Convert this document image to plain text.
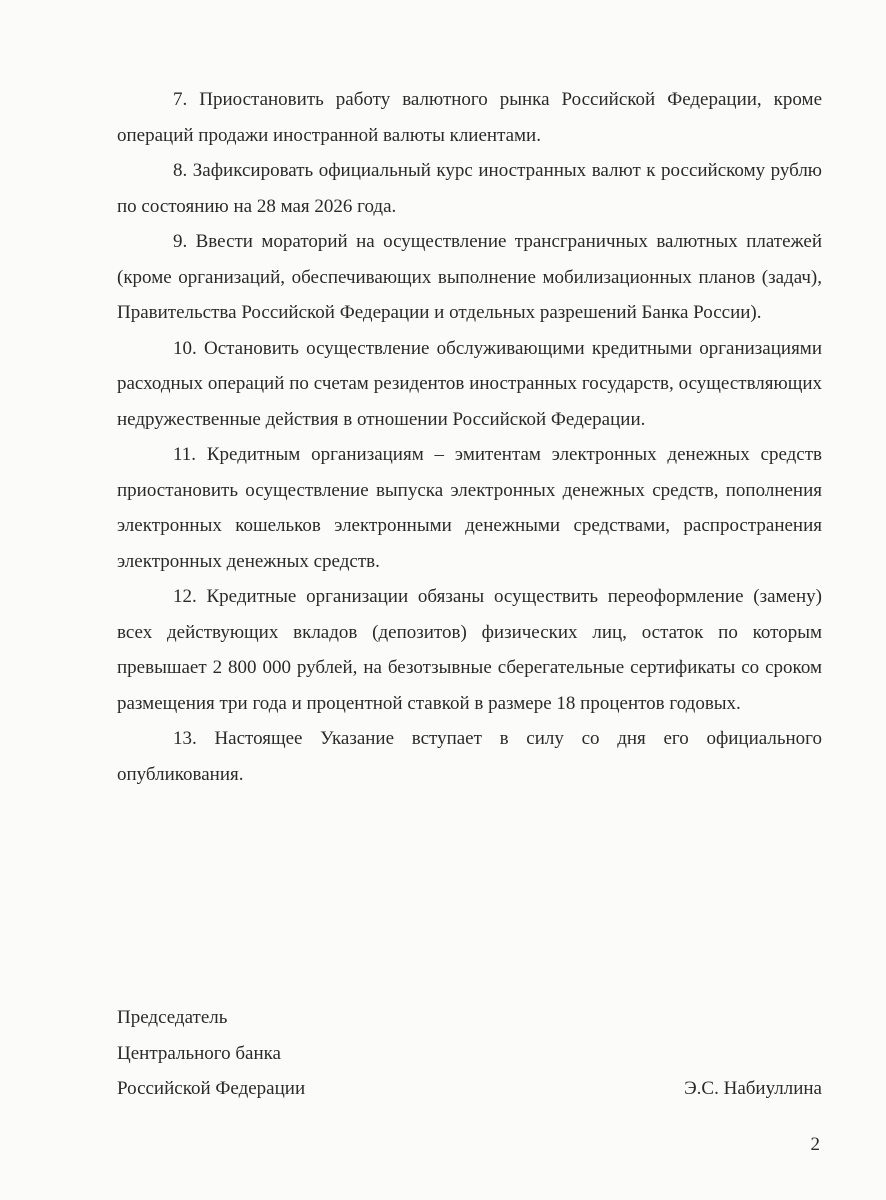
7. Приостановить работу валютного рынка Российской Федерации, кроме операций продажи иностранной валюты клиентами.

8. Зафиксировать официальный курс иностранных валют к российскому рублю по состоянию на 28 мая 2026 года.

9. Ввести мораторий на осуществление трансграничных валютных платежей (кроме организаций, обеспечивающих выполнение мобилизационных планов (задач), Правительства Российской Федерации и отдельных разрешений Банка России).

10. Остановить осуществление обслуживающими кредитными организациями расходных операций по счетам резидентов иностранных государств, осуществляющих недружественные действия в отношении Российской Федерации.

11. Кредитным организациям – эмитентам электронных денежных средств приостановить осуществление выпуска электронных денежных средств, пополнения электронных кошельков электронными денежными средствами, распространения электронных денежных средств.

12. Кредитные организации обязаны осуществить переоформление (замену) всех действующих вкладов (депозитов) физических лиц, остаток по которым превышает 2 800 000 рублей, на безотзывные сберегательные сертификаты со сроком размещения три года и процентной ставкой в размере 18 процентов годовых.

13. Настоящее Указание вступает в силу со дня его официального опубликования.

Председатель

Центрального банка

Российской Федерации	Э.С. Набиуллина
2
